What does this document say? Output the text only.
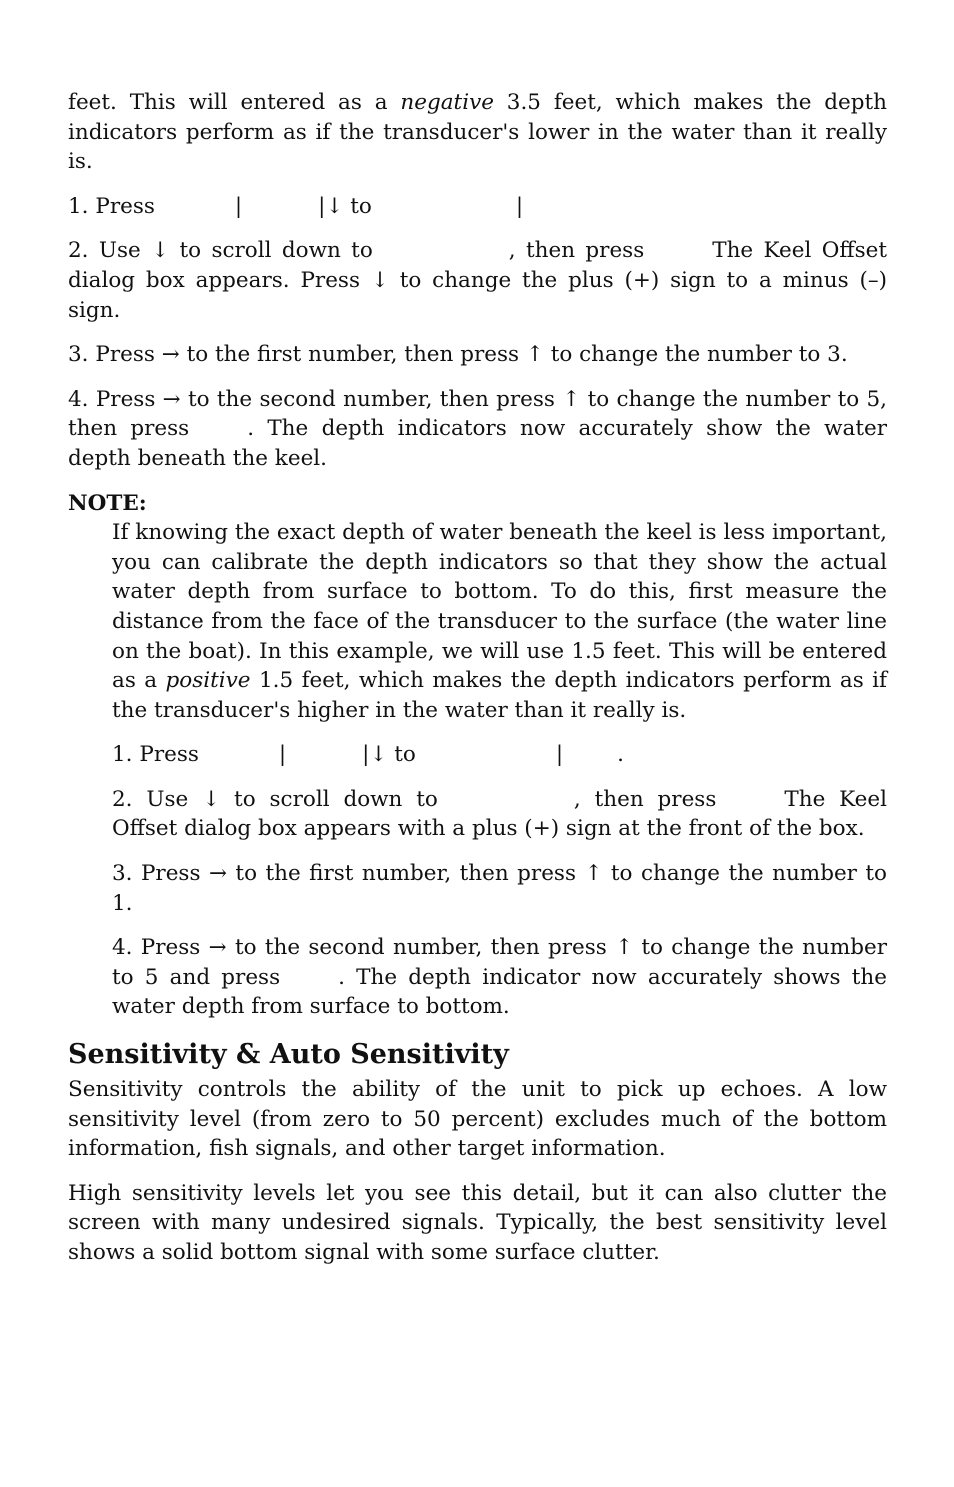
feet. This will entered as a negative 3.5 feet, which makes the depth indicators perform as if the transducer's lower in the water than it really is.

1. Press	|	|↓ to	|

2. Use ↓ to scroll down to	, then press	The Keel Offset dialog box appears. Press ↓ to change the plus (+) sign to a minus (–) sign.

3. Press → to the first number, then press ↑ to change the number to 3.

4. Press → to the second number, then press ↑ to change the number to 5, then press	. The depth indicators now accurately show the water depth beneath the keel.

NOTE:

If knowing the exact depth of water beneath the keel is less important, you can calibrate the depth indicators so that they show the actual water depth from surface to bottom. To do this, first measure the distance from the face of the transducer to the surface (the water line on the boat). In this example, we will use 1.5 feet. This will be entered as a positive 1.5 feet, which makes the depth indicators perform as if the transducer's higher in the water than it really is.

1. Press	|	|↓ to	|	.

2. Use ↓ to scroll down to	, then press	The Keel Offset dialog box appears with a plus (+) sign at the front of the box.

3. Press → to the first number, then press ↑ to change the number to 1.

4. Press → to the second number, then press ↑ to change the number to 5 and press	. The depth indicator now accurately shows the water depth from surface to bottom.

Sensitivity & Auto Sensitivity

Sensitivity controls the ability of the unit to pick up echoes. A low sensitivity level (from zero to 50 percent) excludes much of the bottom information, fish signals, and other target information.

High sensitivity levels let you see this detail, but it can also clutter the screen with many undesired signals. Typically, the best sensitivity level shows a solid bottom signal with some surface clutter.
